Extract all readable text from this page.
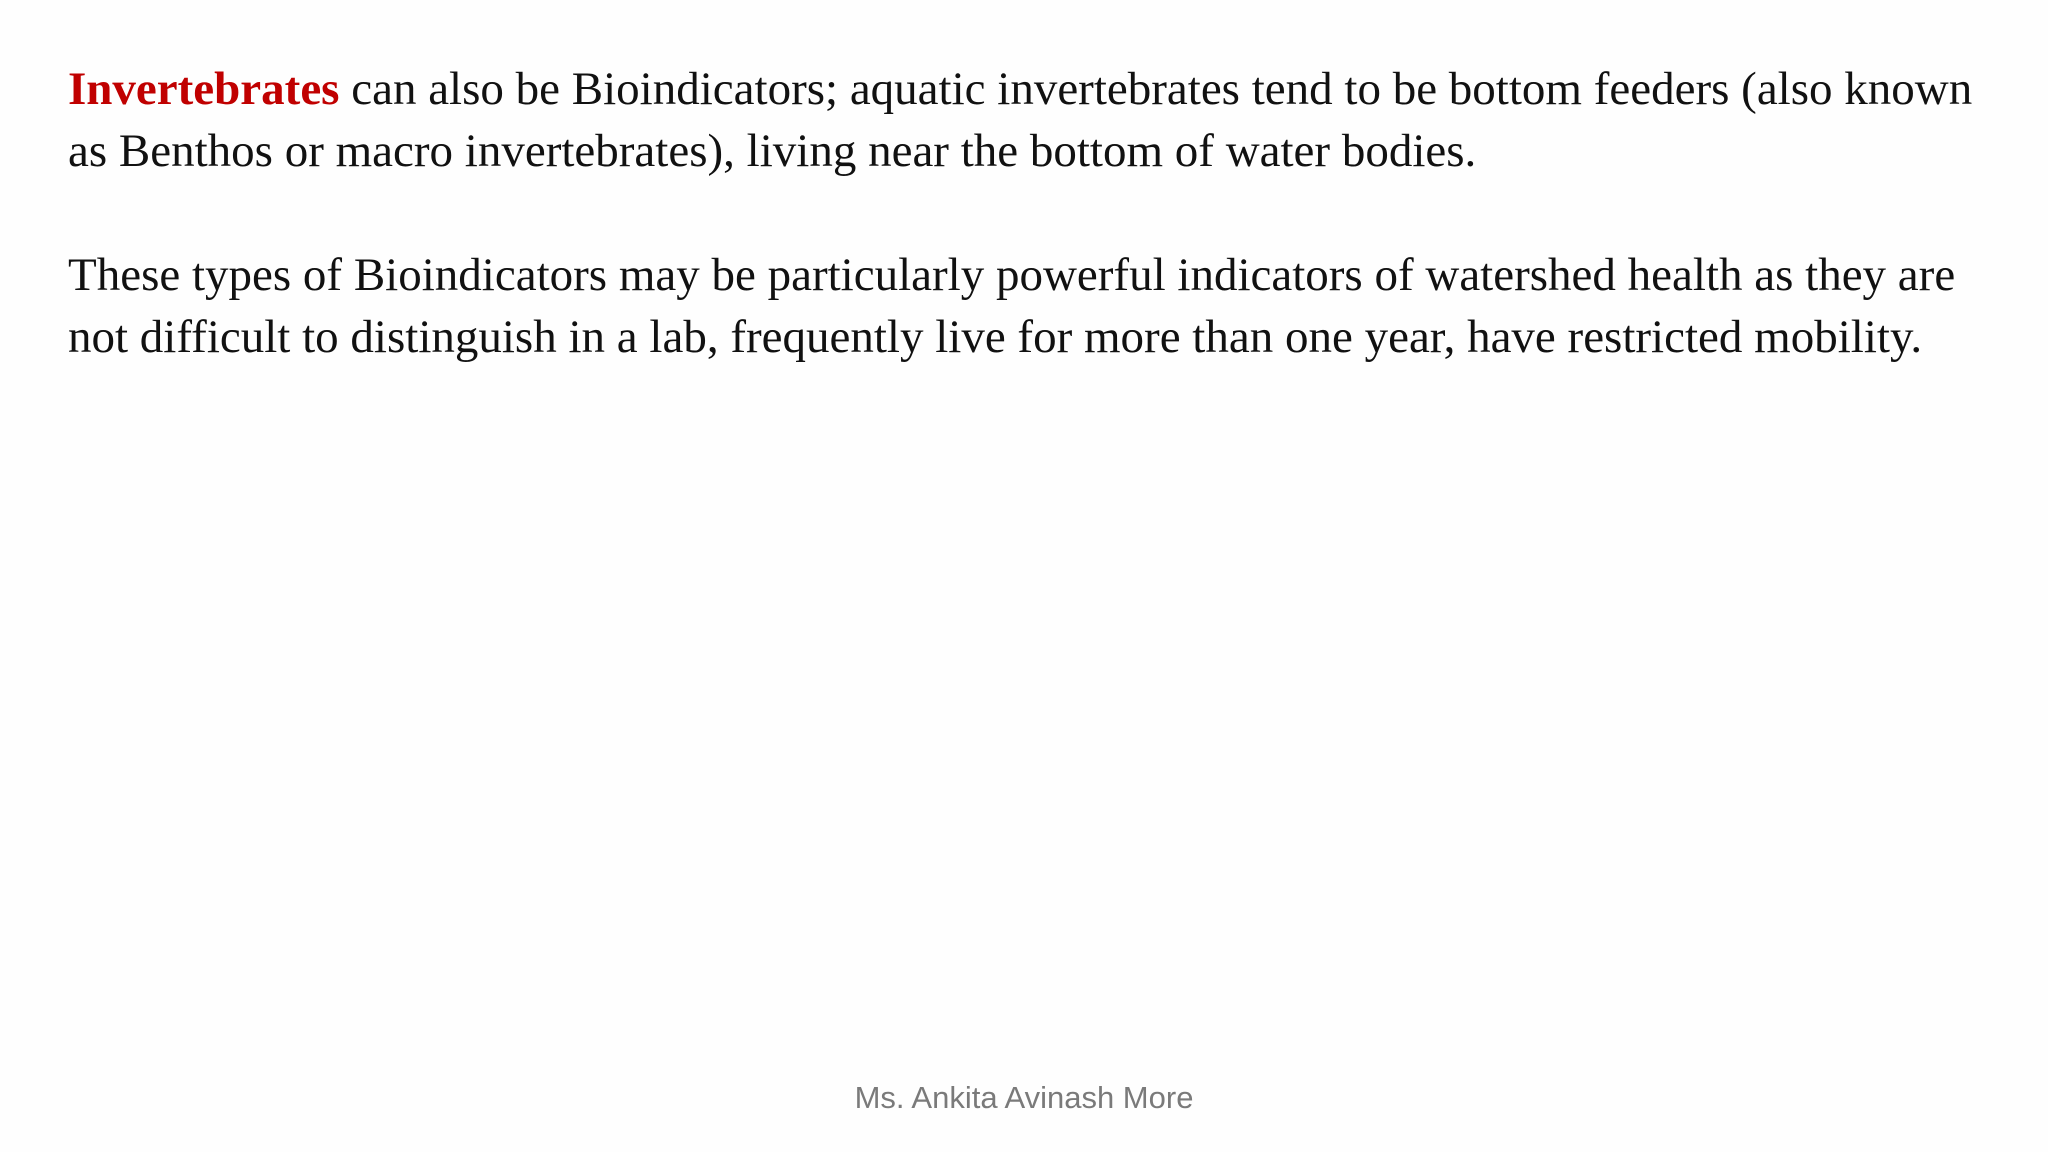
Invertebrates can also be Bioindicators; aquatic invertebrates tend to be bottom feeders (also known as Benthos or macro invertebrates), living near the bottom of water bodies.

These types of Bioindicators may be particularly powerful indicators of watershed health as they are not difficult to distinguish in a lab, frequently live for more than one year, have restricted mobility.

Ms. Ankita Avinash More
